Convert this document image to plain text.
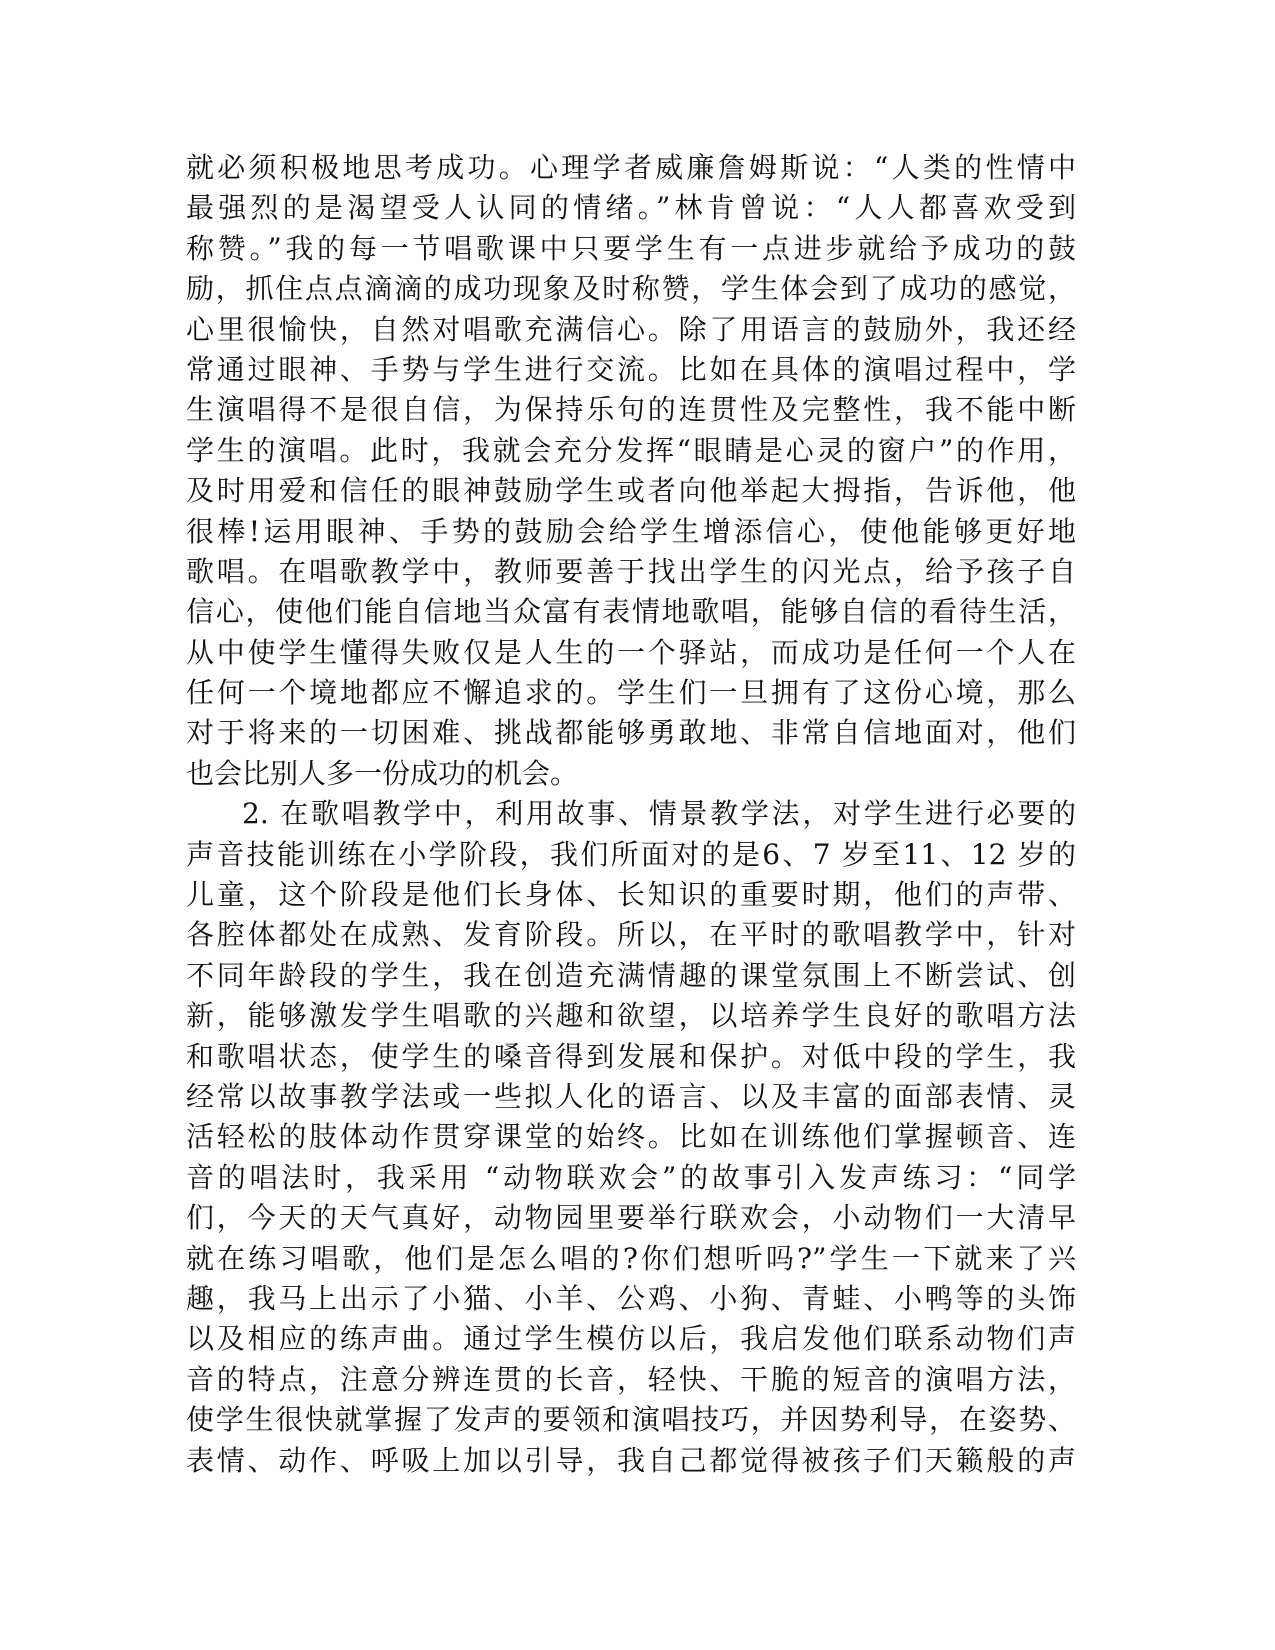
就必须积极地思考成功。心理学者威廉詹姆斯说：“人类的性情中
最强烈的是渴望受人认同的情绪。”林肯曾说：“人人都喜欢受到
称赞。”我的每一节唱歌课中只要学生有一点进步就给予成功的鼓
励，抓住点点滴滴的成功现象及时称赞，学生体会到了成功的感觉，
心里很愉快，自然对唱歌充满信心。除了用语言的鼓励外，我还经
常通过眼神、手势与学生进行交流。比如在具体的演唱过程中，学
生演唱得不是很自信，为保持乐句的连贯性及完整性，我不能中断
学生的演唱。此时，我就会充分发挥“眼睛是心灵的窗户”的作用，
及时用爱和信任的眼神鼓励学生或者向他举起大拇指，告诉他，他
很棒!运用眼神、手势的鼓励会给学生增添信心，使他能够更好地
歌唱。在唱歌教学中，教师要善于找出学生的闪光点，给予孩子自
信心，使他们能自信地当众富有表情地歌唱，能够自信的看待生活，
从中使学生懂得失败仅是人生的一个驿站，而成功是任何一个人在
任何一个境地都应不懈追求的。学生们一旦拥有了这份心境，那么
对于将来的一切困难、挑战都能够勇敢地、非常自信地面对，他们
也会比别人多一份成功的机会。
2. 在歌唱教学中，利用故事、情景教学法，对学生进行必要的
声音技能训练在小学阶段，我们所面对的是6、7 岁至11、12 岁的
儿童，这个阶段是他们长身体、长知识的重要时期，他们的声带、
各腔体都处在成熟、发育阶段。所以，在平时的歌唱教学中，针对
不同年龄段的学生，我在创造充满情趣的课堂氛围上不断尝试、创
新，能够激发学生唱歌的兴趣和欲望，以培养学生良好的歌唱方法
和歌唱状态，使学生的嗓音得到发展和保护。对低中段的学生，我
经常以故事教学法或一些拟人化的语言、以及丰富的面部表情、灵
活轻松的肢体动作贯穿课堂的始终。比如在训练他们掌握顿音、连
音的唱法时，我采用 “动物联欢会”的故事引入发声练习：“同学
们，今天的天气真好，动物园里要举行联欢会，小动物们一大清早
就在练习唱歌，他们是怎么唱的?你们想听吗?”学生一下就来了兴
趣，我马上出示了小猫、小羊、公鸡、小狗、青蛙、小鸭等的头饰
以及相应的练声曲。通过学生模仿以后，我启发他们联系动物们声
音的特点，注意分辨连贯的长音，轻快、干脆的短音的演唱方法，
使学生很快就掌握了发声的要领和演唱技巧，并因势利导，在姿势、
表情、动作、呼吸上加以引导，我自己都觉得被孩子们天籁般的声
